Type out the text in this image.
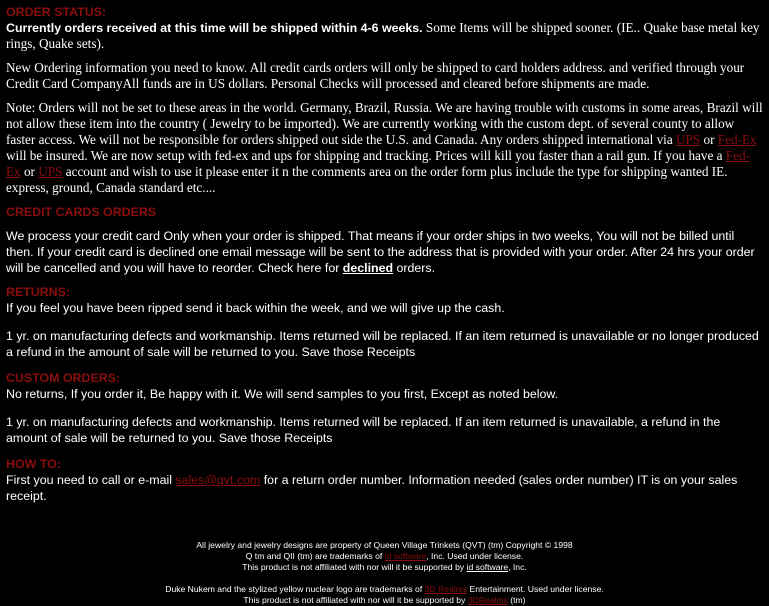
ORDER STATUS:

Currently orders received at this time will be shipped within 4-6 weeks. Some Items will be shipped sooner. (IE.. Quake base metal key rings, Quake sets).

New Ordering information you need to know. All credit cards orders will only be shipped to card holders address. and verified through your Credit Card CompanyAll funds are in US dollars. Personal Checks will processed and cleared before shipments are made.

Note: Orders will not be set to these areas in the world. Germany, Brazil, Russia. We are having trouble with customs in some areas, Brazil will not allow these item into the country ( Jewelry to be imported). We are currently working with the custom dept. of several county to allow faster access. We will not be responsible for orders shipped out side the U.S. and Canada. Any orders shipped international via UPS or Fed-Ex will be insured. We are now setup with fed-ex and ups for shipping and tracking. Prices will kill you faster than a rail gun. If you have a Fed-Ex or UPS account and wish to use it please enter it n the comments area on the order form plus include the type for shipping wanted IE. express, ground, Canada standard etc....

CREDIT CARDS ORDERS

We process your credit card Only when your order is shipped. That means if your order ships in two weeks, You will not be billed until then. If your credit card is declined one email message will be sent to the address that is provided with your order. After 24 hrs your order will be cancelled and you will have to reorder. Check here for declined orders.

RETURNS:

If you feel you have been ripped send it back within the week, and we will give up the cash.

1 yr. on manufacturing defects and workmanship. Items returned will be replaced. If an item returned is unavailable or no longer produced a refund in the amount of sale will be returned to you. Save those Receipts

CUSTOM ORDERS:

No returns, If you order it, Be happy with it. We will send samples to you first, Except as noted below.

1 yr. on manufacturing defects and workmanship. Items returned will be replaced. If an item returned is unavailable, a refund in the amount of sale will be returned to you. Save those Receipts

HOW TO:

First you need to call or e-mail sales@qvt.com for a return order number. Information needed (sales order number) IT is on your sales receipt.

All jewelry and jewelry designs are property of Queen Village Trinkets (QVT) (tm) Copyright © 1998
Q tm and QII (tm) are trademarks of id software, Inc. Used under license.
This product is not affiliated with nor will it be supported by id software, Inc.
Duke Nukem and the stylized yellow nuclear logo are trademarks of 3D Realms Entertainment. Used under license.
This product is not affiliated with nor will it be supported by 3DRealms (tm)
